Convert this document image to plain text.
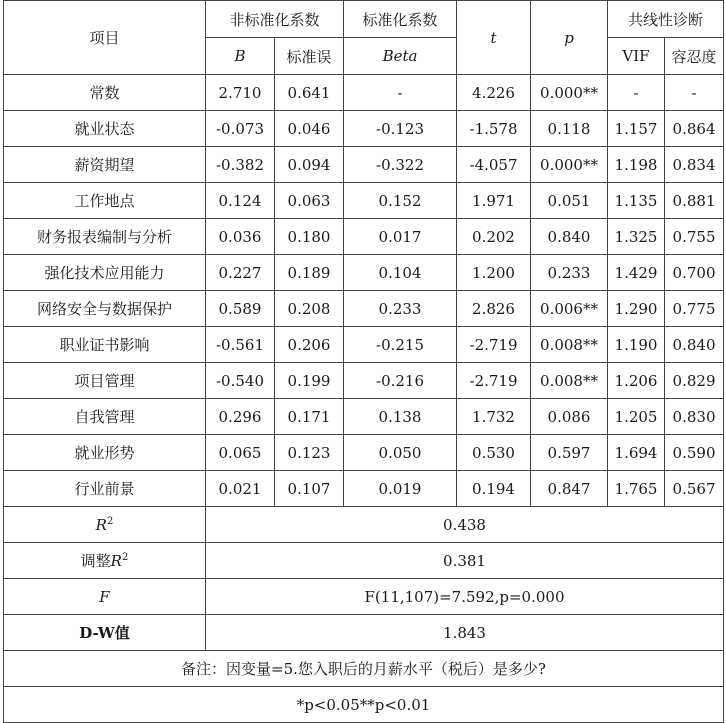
项目	非标准化系数		标准化系数	t	p	共线性诊断	
	B	标准误	Beta			VIF	容忍度
常数	2.710	0.641	-	4.226	0.000**	-	-
就业状态	-0.073	0.046	-0.123	-1.578	0.118	1.157	0.864
薪资期望	-0.382	0.094	-0.322	-4.057	0.000**	1.198	0.834
工作地点	0.124	0.063	0.152	1.971	0.051	1.135	0.881
财务报表编制与分析	0.036	0.180	0.017	0.202	0.840	1.325	0.755
强化技术应用能力	0.227	0.189	0.104	1.200	0.233	1.429	0.700
网络安全与数据保护	0.589	0.208	0.233	2.826	0.006**	1.290	0.775
职业证书影响	-0.561	0.206	-0.215	-2.719	0.008**	1.190	0.840
项目管理	-0.540	0.199	-0.216	-2.719	0.008**	1.206	0.829
自我管理	0.296	0.171	0.138	1.732	0.086	1.205	0.830
就业形势	0.065	0.123	0.050	0.530	0.597	1.694	0.590
行业前景	0.021	0.107	0.019	0.194	0.847	1.765	0.567
$R^2$	0.438						
调整$R^2$	0.381						
F	F(11,107)=7.592,p=0.000						
D-W值	1.843						
备注：因变量=5.您入职后的月薪水平（税后）是多少?							
*p<0.05**p<0.01							
